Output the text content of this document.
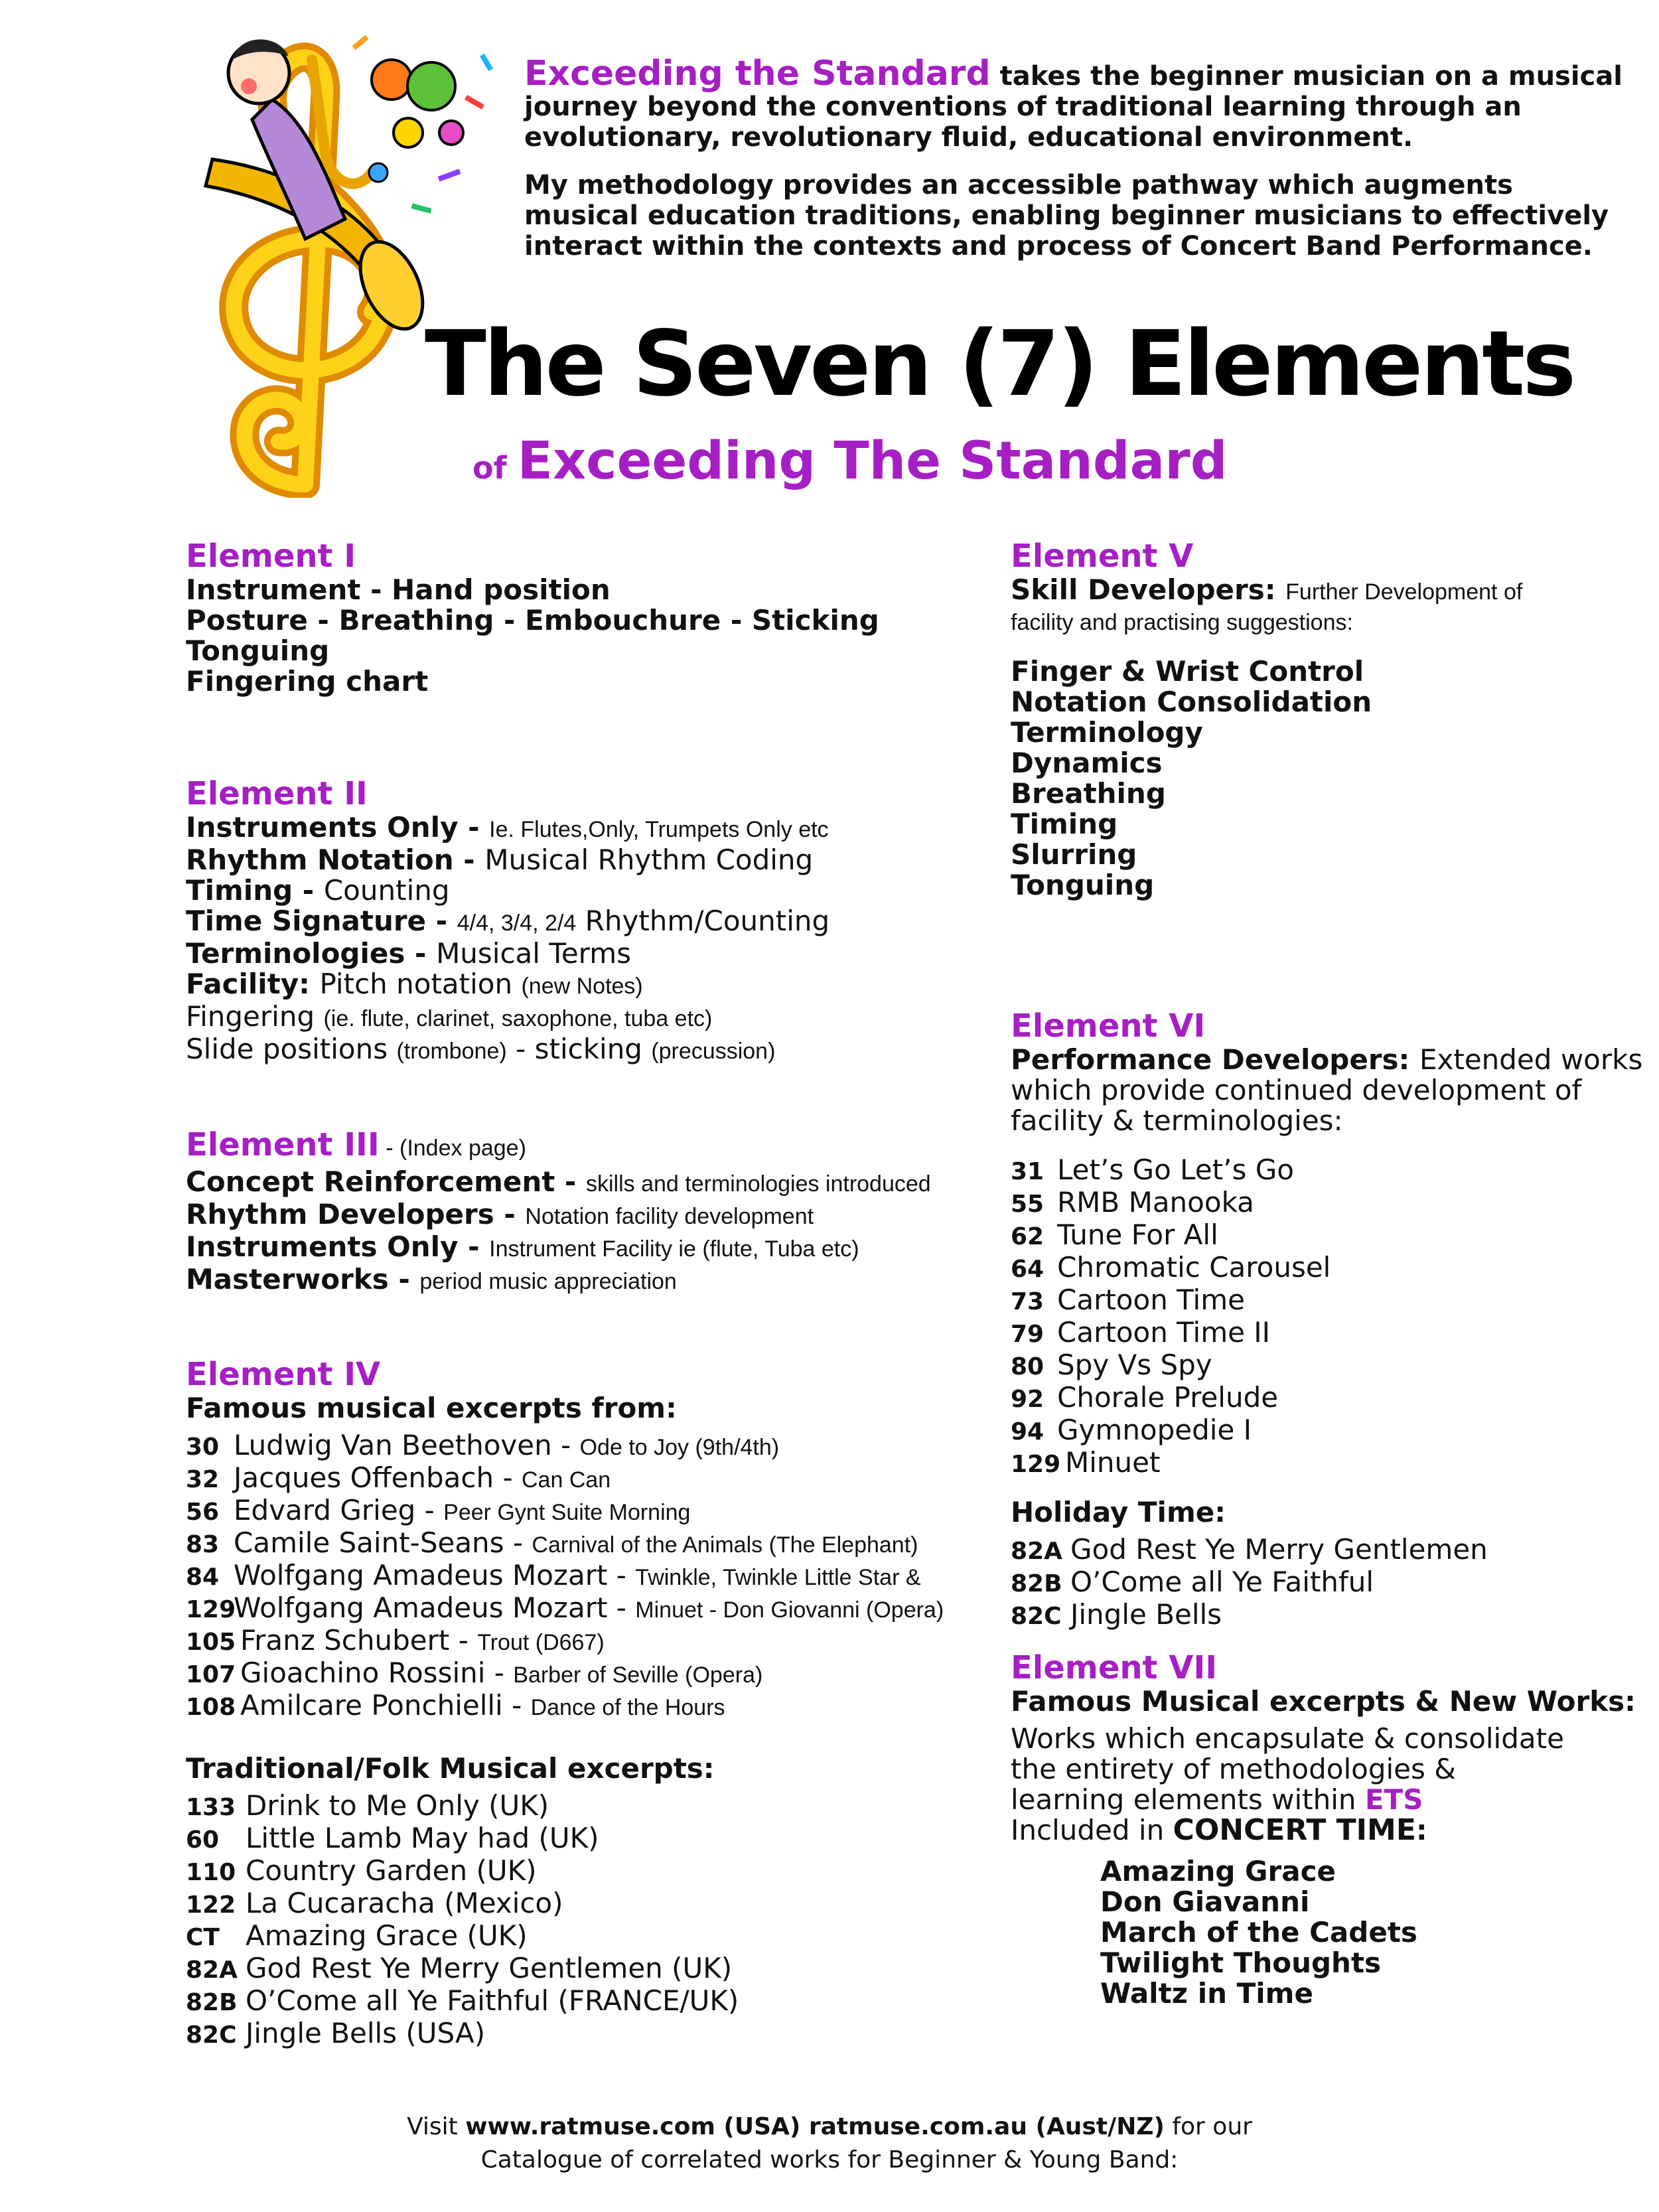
Exceeding the Standard takes the beginner musician on a musical journey beyond the conventions of traditional learning through an evolutionary, revolutionary fluid, educational environment.

My methodology provides an accessible pathway which augments musical education traditions, enabling beginner musicians to effectively interact within the contexts and process of Concert Band Performance.

The Seven (7) Elements
of Exceeding The Standard
Element I
Instrument - Hand position
Posture - Breathing - Embouchure - Sticking
Tonguing
Fingering chart
Element II
Instruments Only - Ie. Flutes,Only, Trumpets Only etc
Rhythm Notation - Musical Rhythm Coding
Timing - Counting
Time Signature - 4/4, 3/4, 2/4 Rhythm/Counting
Terminologies - Musical Terms
Facility: Pitch notation (new Notes)
Fingering (ie. flute, clarinet, saxophone, tuba etc)
Slide positions (trombone) - sticking (precussion)
Element III - (Index page)
Concept Reinforcement - skills and terminologies introduced
Rhythm Developers - Notation facility development
Instruments Only - Instrument Facility ie (flute, Tuba etc)
Masterworks - period music appreciation
Element IV
Famous musical excerpts from:
30 Ludwig Van Beethoven - Ode to Joy (9th/4th)
32 Jacques Offenbach - Can Can
56 Edvard Grieg - Peer Gynt Suite Morning
83 Camile Saint-Seans - Carnival of the Animals (The Elephant)
84 Wolfgang Amadeus Mozart - Twinkle, Twinkle Little Star &
129Wolfgang Amadeus Mozart - Minuet - Don Giovanni (Opera)
105 Franz Schubert - Trout (D667)
107 Gioachino Rossini - Barber of Seville (Opera)
108 Amilcare Ponchielli - Dance of the Hours
Traditional/Folk Musical excerpts:
133 Drink to Me Only (UK)
60 Little Lamb May had (UK)
110 Country Garden (UK)
122 La Cucaracha (Mexico)
CT Amazing Grace (UK)
82A God Rest Ye Merry Gentlemen (UK)
82B O’Come all Ye Faithful (FRANCE/UK)
82C Jingle Bells (USA)
Element V
Skill Developers: Further Development of
facility and practising suggestions:
Finger & Wrist Control
Notation Consolidation
Terminology
Dynamics
Breathing
Timing
Slurring
Tonguing
Element VI
Performance Developers: Extended works
which provide continued development of
facility & terminologies:
31 Let’s Go Let’s Go
55 RMB Manooka
62 Tune For All
64 Chromatic Carousel
73 Cartoon Time
79 Cartoon Time II
80 Spy Vs Spy
92 Chorale Prelude
94 Gymnopedie I
129 Minuet
Holiday Time:
82A God Rest Ye Merry Gentlemen
82B O’Come all Ye Faithful
82C Jingle Bells
Element VII
Famous Musical excerpts & New Works:
Works which encapsulate & consolidate
the entirety of methodologies &
learning elements within ETS
Included in CONCERT TIME:
Amazing Grace
Don Giavanni
March of the Cadets
Twilight Thoughts
Waltz in Time
Visit www.ratmuse.com (USA) ratmuse.com.au (Aust/NZ) for our
Catalogue of correlated works for Beginner & Young Band:
